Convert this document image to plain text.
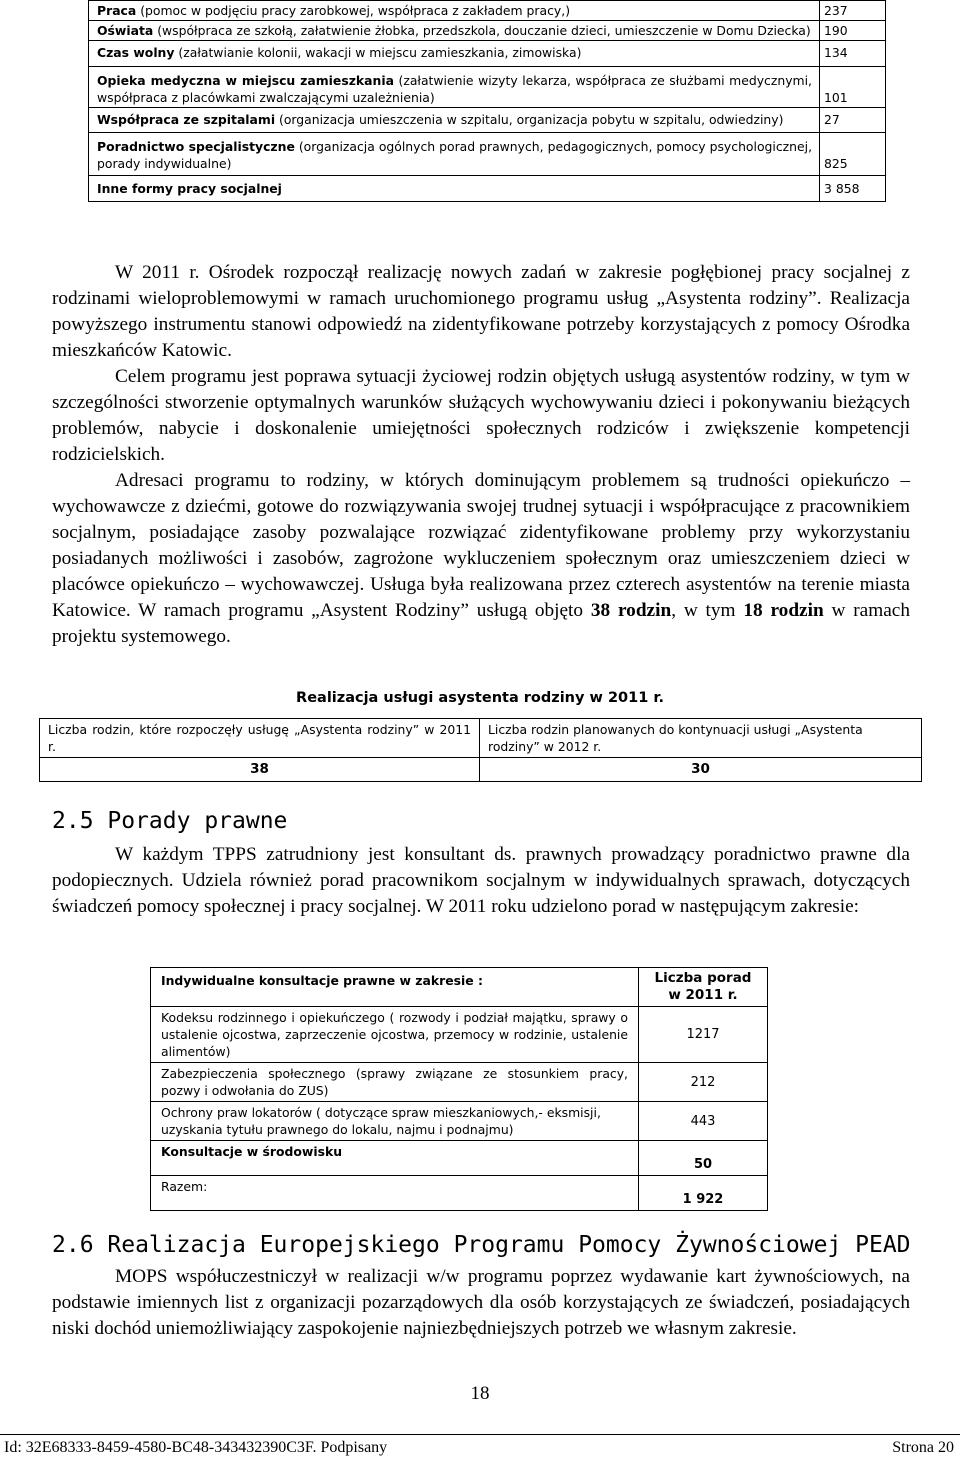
Praca (pomoc w podjęciu pracy zarobkowej, współpraca z zakładem pracy,)	237
Oświata (współpraca ze szkołą, załatwienie żłobka, przedszkola, douczanie dzieci, umieszczenie w Domu Dziecka)	190
Czas wolny (załatwianie kolonii, wakacji w miejscu zamieszkania, zimowiska)	134
Opieka medyczna w miejscu zamieszkania (załatwienie wizyty lekarza, współpraca ze służbami medycznymi, współpraca z placówkami zwalczającymi uzależnienia)	101
Współpraca ze szpitalami (organizacja umieszczenia w szpitalu, organizacja pobytu w szpitalu, odwiedziny)	27
Poradnictwo specjalistyczne (organizacja ogólnych porad prawnych, pedagogicznych, pomocy psychologicznej, porady indywidualne)	825
Inne formy pracy socjalnej	3 858

W 2011 r. Ośrodek rozpoczął realizację nowych zadań w zakresie pogłębionej pracy socjalnej z rodzinami wieloproblemowymi w ramach uruchomionego programu usług „Asystenta rodziny”. Realizacja powyższego instrumentu stanowi odpowiedź na zidentyfikowane potrzeby korzystających z pomocy Ośrodka mieszkańców Katowic.

Celem programu jest poprawa sytuacji życiowej rodzin objętych usługą asystentów rodziny, w tym w szczególności stworzenie optymalnych warunków służących wychowywaniu dzieci i pokonywaniu bieżących problemów, nabycie i doskonalenie umiejętności społecznych rodziców i zwiększenie kompetencji rodzicielskich.

Adresaci programu to rodziny, w których dominującym problemem są trudności opiekuńczo – wychowawcze z dziećmi, gotowe do rozwiązywania swojej trudnej sytuacji i współpracujące z pracownikiem socjalnym, posiadające zasoby pozwalające rozwiązać zidentyfikowane problemy przy wykorzystaniu posiadanych możliwości i zasobów, zagrożone wykluczeniem społecznym oraz umieszczeniem dzieci w placówce opiekuńczo – wychowawczej. Usługa była realizowana przez czterech asystentów na terenie miasta Katowice. W ramach programu „Asystent Rodziny” usługą objęto 38 rodzin, w tym 18 rodzin w ramach projektu systemowego.

Realizacja usługi asystenta rodziny w 2011 r.
Liczba rodzin, które rozpoczęły usługę „Asystenta rodziny” w 2011 r.	Liczba rodzin planowanych do kontynuacji usługi „Asystenta rodziny” w 2012 r.
38	30
2.5 Porady prawne

W każdym TPPS zatrudniony jest konsultant ds. prawnych prowadzący poradnictwo prawne dla podopiecznych. Udziela również porad pracownikom socjalnym w indywidualnych sprawach, dotyczących świadczeń pomocy społecznej i pracy socjalnej. W 2011 roku udzielono porad w następującym zakresie:

Indywidualne konsultacje prawne w zakresie :	Liczba porad w 2011 r.
Kodeksu rodzinnego i opiekuńczego ( rozwody i podział majątku, sprawy o ustalenie ojcostwa, zaprzeczenie ojcostwa, przemocy w rodzinie, ustalenie alimentów)	1217
Zabezpieczenia społecznego (sprawy związane ze stosunkiem pracy, pozwy i odwołania do ZUS)	212
Ochrony praw lokatorów ( dotyczące spraw mieszkaniowych,- eksmisji, uzyskania tytułu prawnego do lokalu, najmu i podnajmu)	443
Konsultacje w środowisku	50
Razem:	1 922
2.6 Realizacja Europejskiego Programu Pomocy Żywnościowej PEAD

MOPS współuczestniczył w realizacji w/w programu poprzez wydawanie kart żywnościowych, na podstawie imiennych list z organizacji pozarządowych dla osób korzystających ze świadczeń, posiadających niski dochód uniemożliwiający zaspokojenie najniezbędniejszych potrzeb we własnym zakresie.

18
Id: 32E68333-8459-4580-BC48-343432390C3F. Podpisany	Strona 20
